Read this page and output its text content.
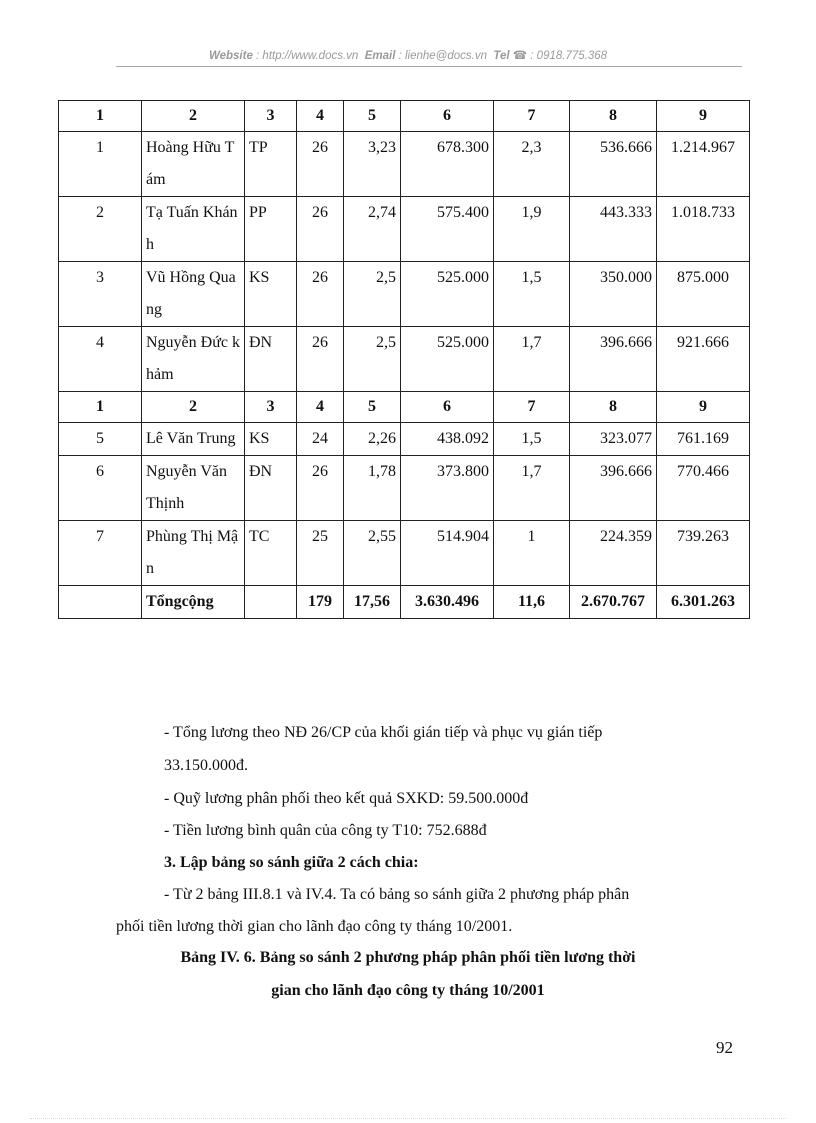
Website : http://www.docs.vn Email : lienhe@docs.vn Tel ☎ : 0918.775.368
1	2	3	4	5	6	7	8	9
1	Hoàng Hữu Tám	TP	26	3,23	678.300	2,3	536.666	1.214.967
2	Tạ Tuấn Khánh	PP	26	2,74	575.400	1,9	443.333	1.018.733
3	Vũ Hồng Quang	KS	26	2,5	525.000	1,5	350.000	875.000
4	Nguyễn Đức khảm	ĐN	26	2,5	525.000	1,7	396.666	921.666
1	2	3	4	5	6	7	8	9
5	Lê Văn Trung	KS	24	2,26	438.092	1,5	323.077	761.169
6	Nguyễn Văn Thịnh	ĐN	26	1,78	373.800	1,7	396.666	770.466
7	Phùng Thị Mận	TC	25	2,55	514.904	1	224.359	739.263
	Tổngcộng		179	17,56	3.630.496	11,6	2.670.767	6.301.263
- Tổng lương theo NĐ 26/CP của khối gián tiếp và phục vụ gián tiếp
33.150.000đ.
- Quỹ lương phân phối theo kết quả SXKD: 59.500.000đ
- Tiền lương bình quân của công ty T10: 752.688đ
3. Lập bảng so sánh giữa 2 cách chia:
- Từ 2 bảng III.8.1 và IV.4. Ta có bảng so sánh giữa 2 phương pháp phân
phối tiền lương thời gian cho lãnh đạo công ty tháng 10/2001.
Bảng IV. 6. Bảng so sánh 2 phương pháp phân phối tiền lương thời
gian cho lãnh đạo công ty tháng 10/2001
92
